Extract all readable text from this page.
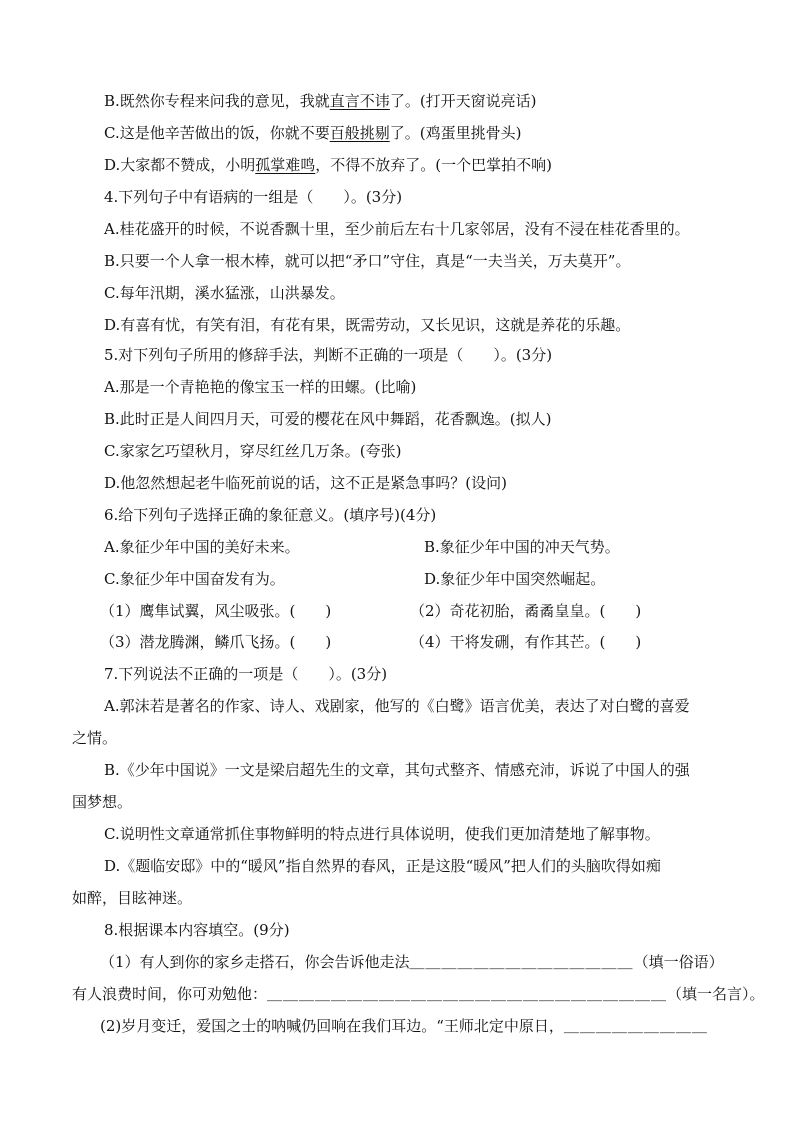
B.既然你专程来问我的意见，我就直言不讳了。(打开天窗说亮话)
C.这是他辛苦做出的饭，你就不要百般挑剔了。(鸡蛋里挑骨头)
D.大家都不赞成，小明孤掌难鸣，不得不放弃了。(一个巴掌拍不响)
4.下列句子中有语病的一组是（　　）。(3分)
A.桂花盛开的时候，不说香飘十里，至少前后左右十几家邻居，没有不浸在桂花香里的。
B.只要一个人拿一根木棒，就可以把“矛口”守住，真是“一夫当关，万夫莫开”。
C.每年汛期，溪水猛涨，山洪暴发。
D.有喜有忧，有笑有泪，有花有果，既需劳动，又长见识，这就是养花的乐趣。
5.对下列句子所用的修辞手法，判断不正确的一项是（　　）。(3分)
A.那是一个青艳艳的像宝玉一样的田螺。(比喻)
B.此时正是人间四月天，可爱的樱花在风中舞蹈，花香飘逸。(拟人)
C.家家乞巧望秋月，穿尽红丝几万条。(夸张)
D.他忽然想起老牛临死前说的话，这不正是紧急事吗？(设问)
6.给下列句子选择正确的象征意义。(填序号)(4分)
A.象征少年中国的美好未来。	B.象征少年中国的冲天气势。
C.象征少年中国奋发有为。	D.象征少年中国突然崛起。
（1）鹰隼试翼，风尘吸张。(　　)	（2）奇花初胎，矞矞皇皇。(　　)
（3）潜龙腾渊，鳞爪飞扬。(　　)	（4）干将发硎，有作其芒。(　　)
7.下列说法不正确的一项是（　　）。(3分)
A.郭沫若是著名的作家、诗人、戏剧家，他写的《白鹭》语言优美，表达了对白鹭的喜爱
之情。
B.《少年中国说》一文是梁启超先生的文章，其句式整齐、情感充沛，诉说了中国人的强
国梦想。
C.说明性文章通常抓住事物鲜明的特点进行具体说明，使我们更加清楚地了解事物。
D.《题临安邸》中的“暖风”指自然界的春风，正是这股“暖风”把人们的头脑吹得如痴
如醉，目眩神迷。
8.根据课本内容填空。(9分)
（1）有人到你的家乡走搭石，你会告诉他走法＿＿＿＿＿＿＿＿＿＿＿＿＿＿（填一俗语）
有人浪费时间，你可劝勉他：＿＿＿＿＿＿＿＿＿＿＿＿＿＿＿＿＿＿＿＿＿＿＿＿＿（填一名言）。
(2)岁月变迁，爱国之士的呐喊仍回响在我们耳边。“王师北定中原日，＿＿＿＿＿＿＿＿＿
